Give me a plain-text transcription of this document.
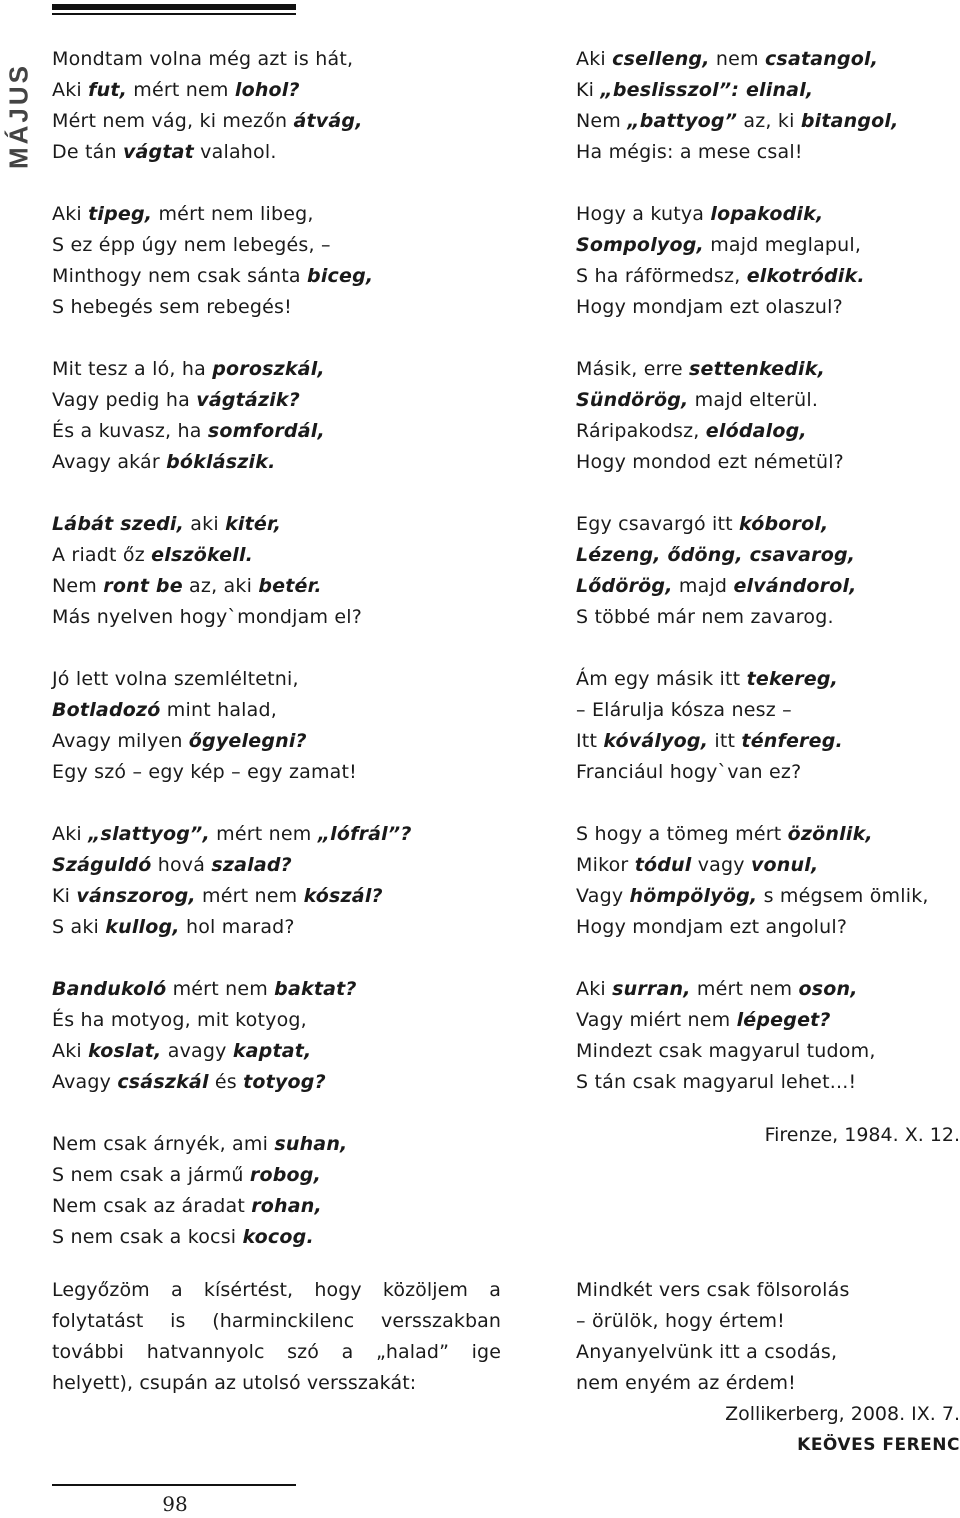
MÁJUS
Mondtam volna még azt is hát,
Aki fut, mért nem lohol?
Mért nem vág, ki mezőn átvág,
De tán vágtat valahol.
Aki tipeg, mért nem libeg,
S ez épp úgy nem lebegés, –
Minthogy nem csak sánta biceg,
S hebegés sem rebegés!
Mit tesz a ló, ha poroszkál,
Vagy pedig ha vágtázik?
És a kuvasz, ha somfordál,
Avagy akár bóklászik.
Lábát szedi, aki kitér,
A riadt őz elszökell.
Nem ront be az, aki betér.
Más nyelven hogy`mondjam el?
Jó lett volna szemléltetni,
Botladozó mint halad,
Avagy milyen őgyelegni?
Egy szó – egy kép – egy zamat!
Aki „slattyog”, mért nem „lófrál”?
Száguldó hová szalad?
Ki vánszorog, mért nem kószál?
S aki kullog, hol marad?
Bandukoló mért nem baktat?
És ha motyog, mit kotyog,
Aki koslat, avagy kaptat,
Avagy császkál és totyog?
Nem csak árnyék, ami suhan,
S nem csak a jármű robog,
Nem csak az áradat rohan,
S nem csak a kocsi kocog.
Aki cselleng, nem csatangol,
Ki „beslisszol”: elinal,
Nem „battyog” az, ki bitangol,
Ha mégis: a mese csal!
Hogy a kutya lopakodik,
Sompolyog, majd meglapul,
S ha ráförmedsz, elkotródik.
Hogy mondjam ezt olaszul?
Másik, erre settenkedik,
Sündörög, majd elterül.
Ráripakodsz, elódalog,
Hogy mondod ezt németül?
Egy csavargó itt kóborol,
Lézeng, ődöng, csavarog,
Lődörög, majd elvándorol,
S többé már nem zavarog.
Ám egy másik itt tekereg,
– Elárulja kósza nesz –
Itt kóvályog, itt ténfereg.
Franciául hogy`van ez?
S hogy a tömeg mért özönlik,
Mikor tódul vagy vonul,
Vagy hömpölyög, s mégsem ömlik,
Hogy mondjam ezt angolul?
Aki surran, mért nem oson,
Vagy miért nem lépeget?
Mindezt csak magyarul tudom,
S tán csak magyarul lehet...!
Firenze, 1984. X. 12.
Legyőzöm a kísértést, hogy közöljem a folytatást is (harminckilenc versszakban további hatvannyolc szó a „halad” ige helyett), csupán az utolsó versszakát:
Mindkét vers csak fölsorolás
– örülök, hogy értem!
Anyanyelvünk itt a csodás,
nem enyém az érdem!
Zollikerberg, 2008. IX. 7.
KEÖVES FERENC
98
